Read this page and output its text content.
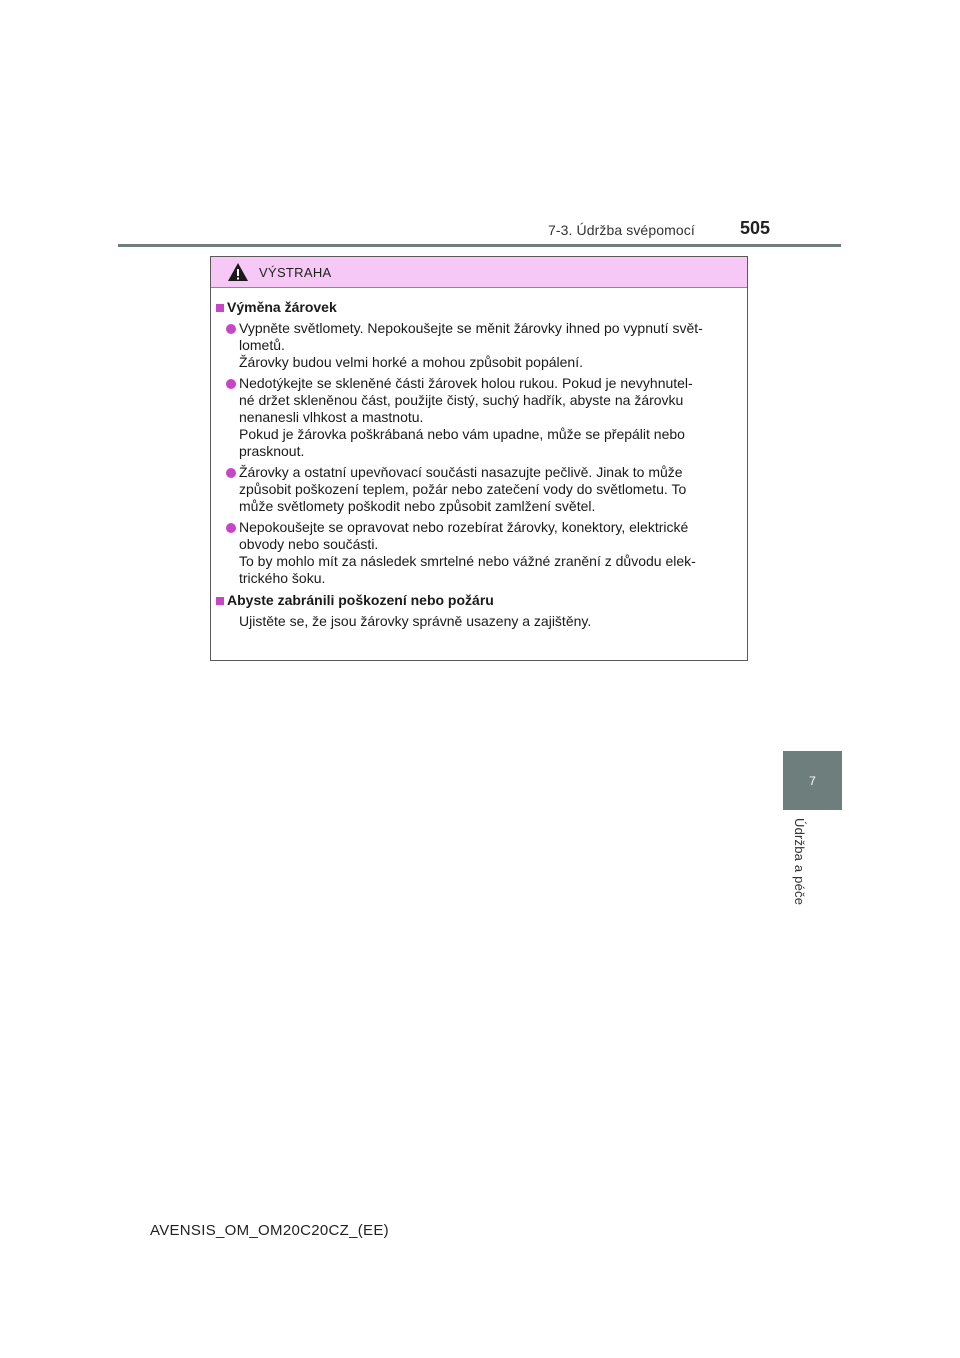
7-3. Údržba svépomocí	505
7
Údržba a péče
VÝSTRAHA
Výměna žárovek
Vypněte světlomety. Nepokoušejte se měnit žárovky ihned po vypnutí svět-
lometů.
Žárovky budou velmi horké a mohou způsobit popálení.
Nedotýkejte se skleněné části žárovek holou rukou. Pokud je nevyhnutel-
né držet skleněnou část, použijte čistý, suchý hadřík, abyste na žárovku
nenanesli vlhkost a mastnotu.
Pokud je žárovka poškrábaná nebo vám upadne, může se přepálit nebo
prasknout.
Žárovky a ostatní upevňovací součásti nasazujte pečlivě. Jinak to může
způsobit poškození teplem, požár nebo zatečení vody do světlometu. To
může světlomety poškodit nebo způsobit zamlžení světel.
Nepokoušejte se opravovat nebo rozebírat žárovky, konektory, elektrické
obvody nebo součásti.
To by mohlo mít za následek smrtelné nebo vážné zranění z důvodu elek-
trického šoku.
Abyste zabránili poškození nebo požáru
Ujistěte se, že jsou žárovky správně usazeny a zajištěny.
AVENSIS_OM_OM20C20CZ_(EE)
